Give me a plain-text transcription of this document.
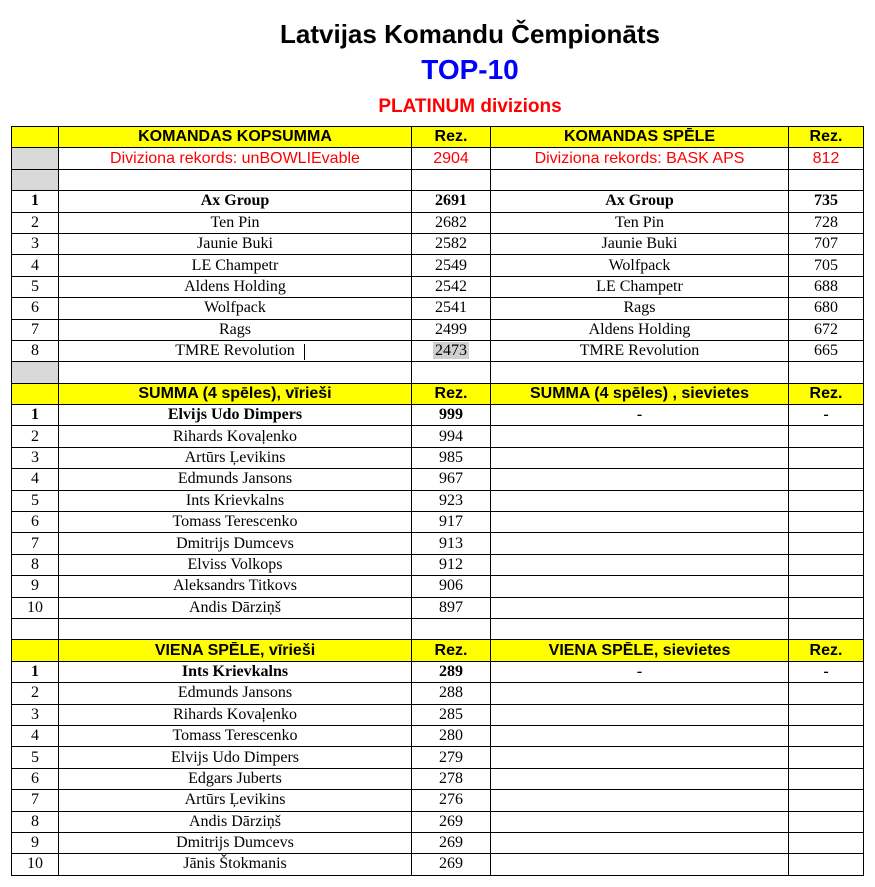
Latvijas Komandu Čempionāts
TOP-10
PLATINUM divizions
	KOMANDAS KOPSUMMA	Rez.	KOMANDAS SPĒLE	Rez.
	Diviziona rekords: unBOWLIEvable	2904	Diviziona rekords: BASK APS	812

1	Ax Group	2691	Ax Group	735
2	Ten Pin	2682	Ten Pin	728
3	Jaunie Buki	2582	Jaunie Buki	707
4	LE Champetr	2549	Wolfpack	705
5	Aldens Holding	2542	LE Champetr	688
6	Wolfpack	2541	Rags	680
7	Rags	2499	Aldens Holding	672
8	TMRE Revolution	2473	TMRE Revolution	665

	SUMMA (4 spēles), vīrieši	Rez.	SUMMA (4 spēles) , sievietes	Rez.
1	Elvijs Udo Dimpers	999	-	-
2	Rihards Kovaļenko	994		
3	Artūrs Ļevikins	985		
4	Edmunds Jansons	967		
5	Ints Krievkalns	923		
6	Tomass Terescenko	917		
7	Dmitrijs Dumcevs	913		
8	Elviss Volkops	912		
9	Aleksandrs Titkovs	906		
10	Andis Dārziņš	897		

	VIENA SPĒLE, vīrieši	Rez.	VIENA SPĒLE, sievietes	Rez.
1	Ints Krievkalns	289	-	-
2	Edmunds Jansons	288		
3	Rihards Kovaļenko	285		
4	Tomass Terescenko	280		
5	Elvijs Udo Dimpers	279		
6	Edgars Juberts	278		
7	Artūrs Ļevikins	276		
8	Andis Dārziņš	269		
9	Dmitrijs Dumcevs	269		
10	Jānis Štokmanis	269		
